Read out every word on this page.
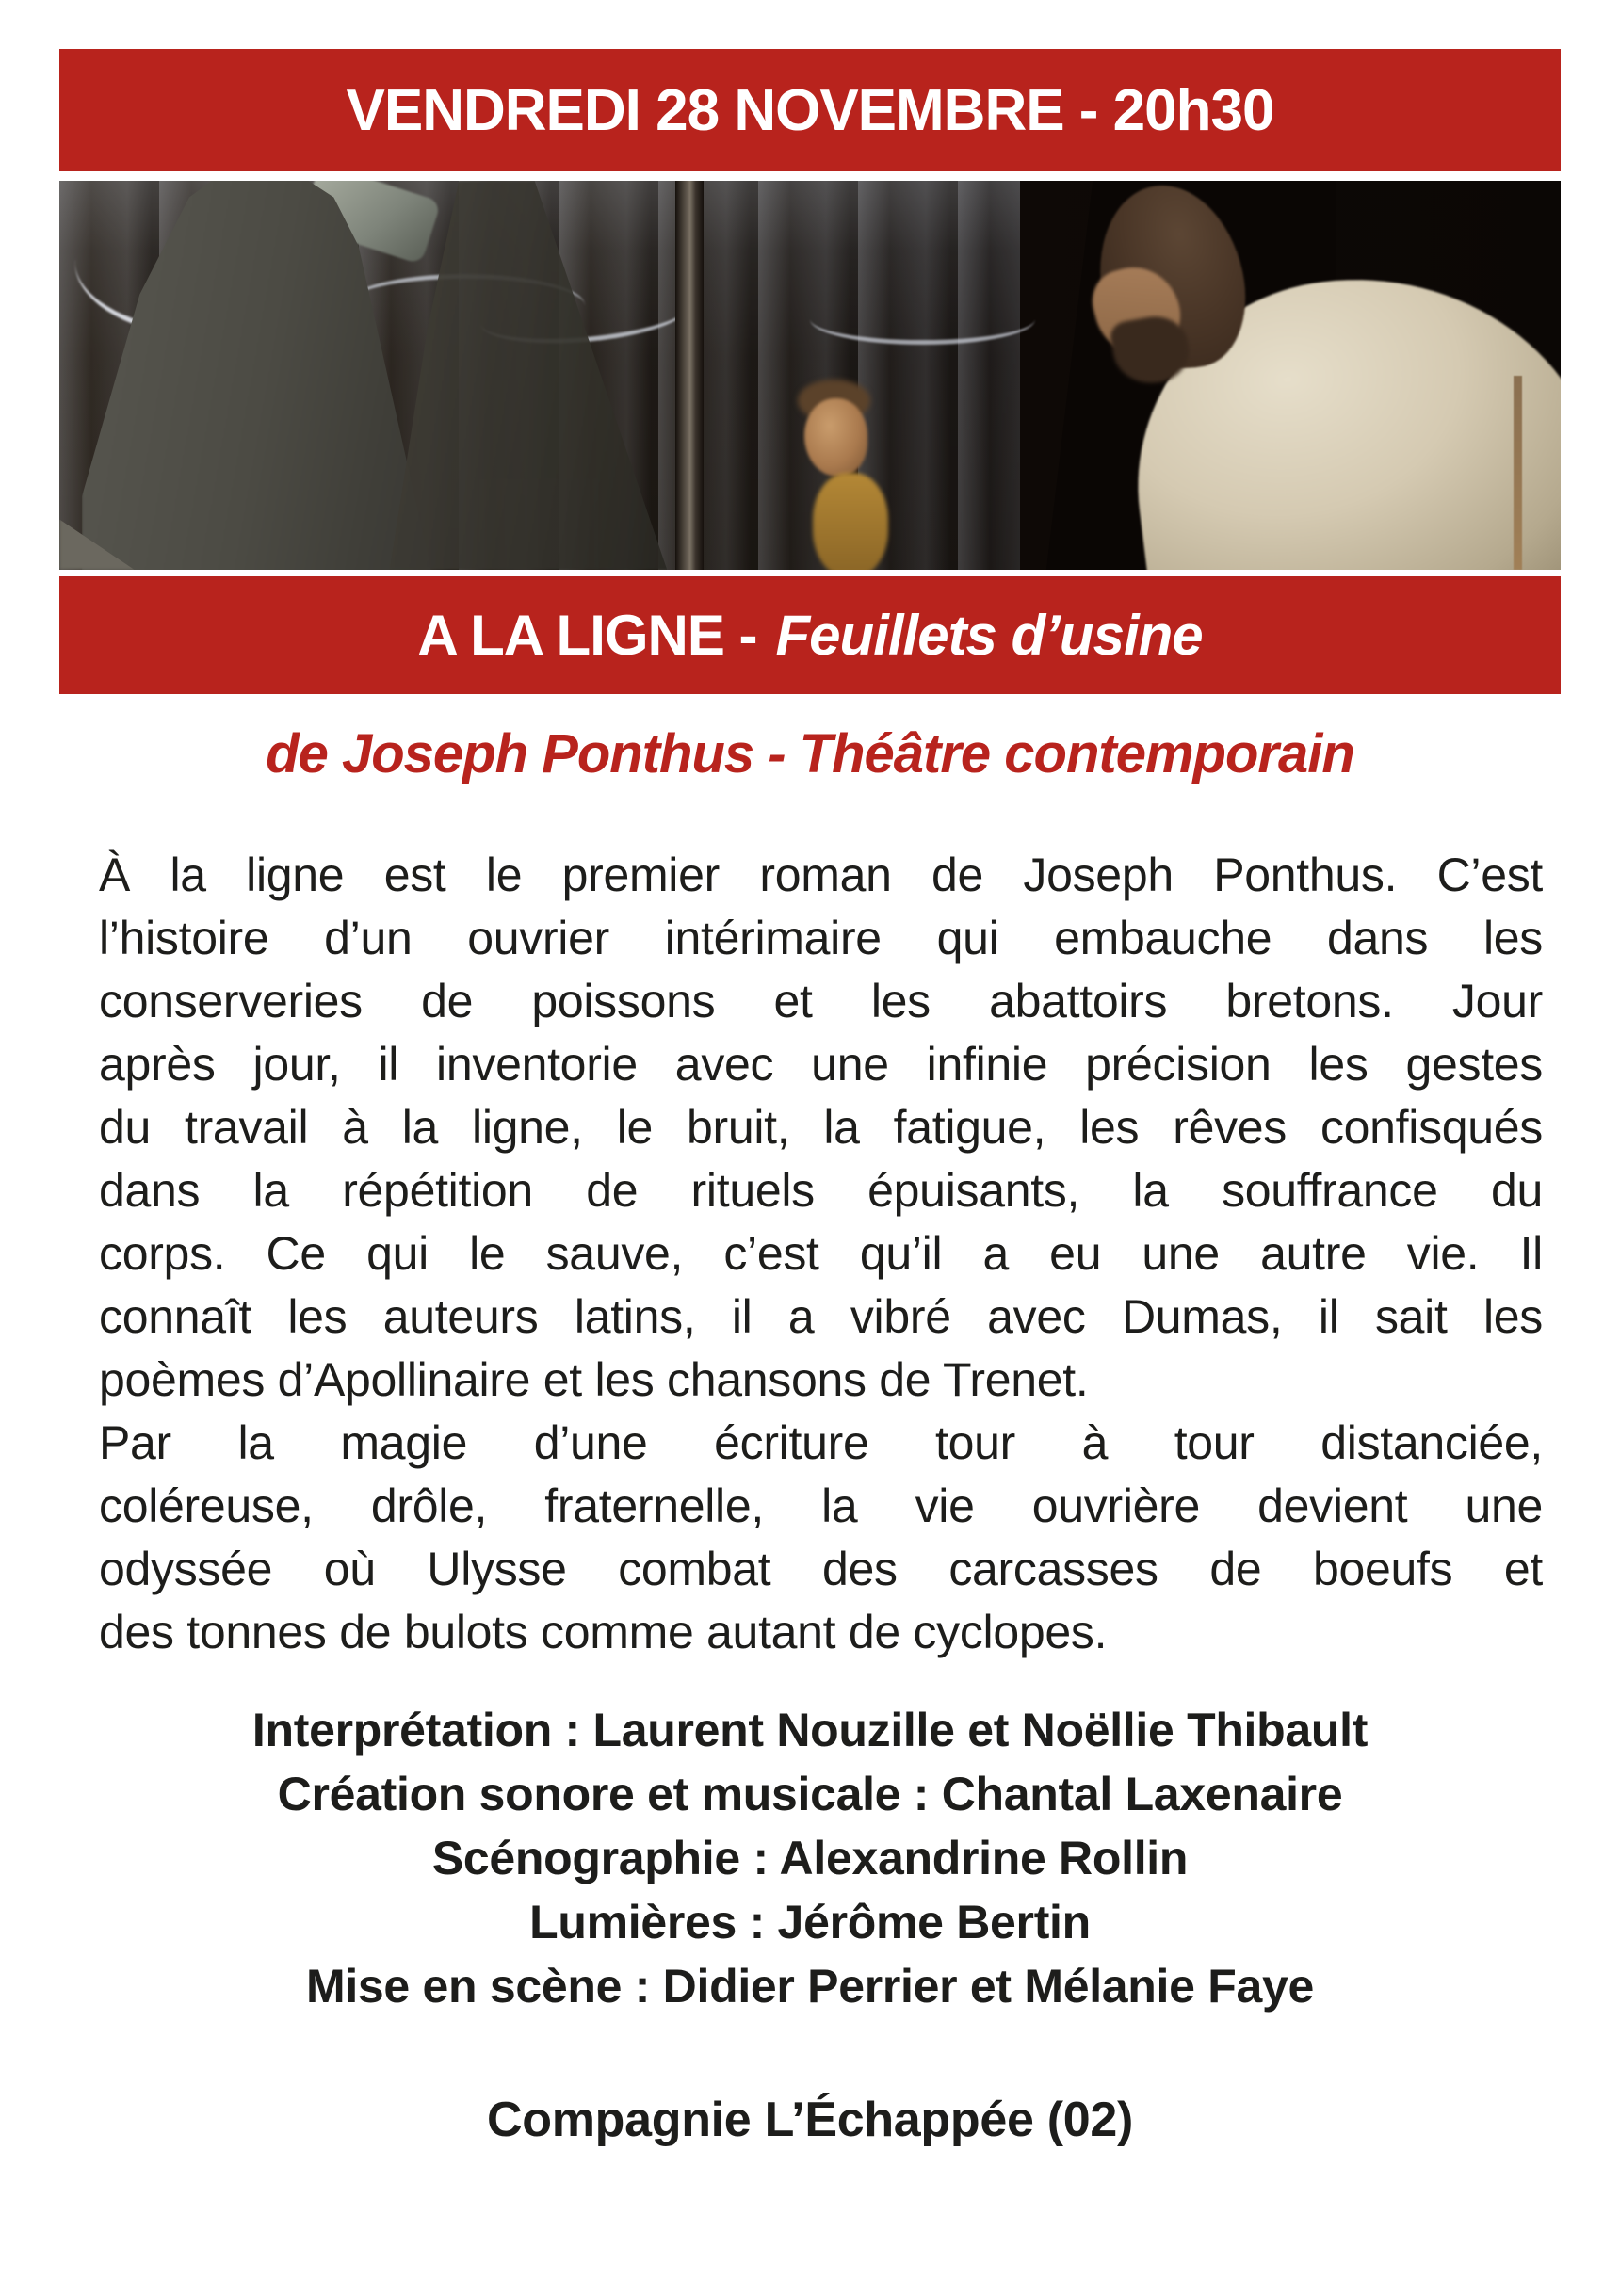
VENDREDI 28 NOVEMBRE - 20h30
A LA LIGNE - Feuillets d’usine
de Joseph Ponthus - Théâtre contemporain
À la ligne est le premier roman de Joseph Ponthus. C’est
l’histoire d’un ouvrier intérimaire qui embauche dans les
conserveries de poissons et les abattoirs bretons. Jour
après jour, il inventorie avec une infinie précision les gestes
du travail à la ligne, le bruit, la fatigue, les rêves confisqués
dans la répétition de rituels épuisants, la souffrance du
corps. Ce qui le sauve, c’est qu’il a eu une autre vie. Il
connaît les auteurs latins, il a vibré avec Dumas, il sait les
poèmes d’Apollinaire et les chansons de Trenet.
Par la magie d’une écriture tour à tour distanciée,
coléreuse, drôle, fraternelle, la vie ouvrière devient une
odyssée où Ulysse combat des carcasses de boeufs et
des tonnes de bulots comme autant de cyclopes.
Interprétation : Laurent Nouzille et Noëllie Thibault
Création sonore et musicale : Chantal Laxenaire
Scénographie : Alexandrine Rollin
Lumières : Jérôme Bertin
Mise en scène : Didier Perrier et Mélanie Faye
Compagnie L’Échappée (02)
